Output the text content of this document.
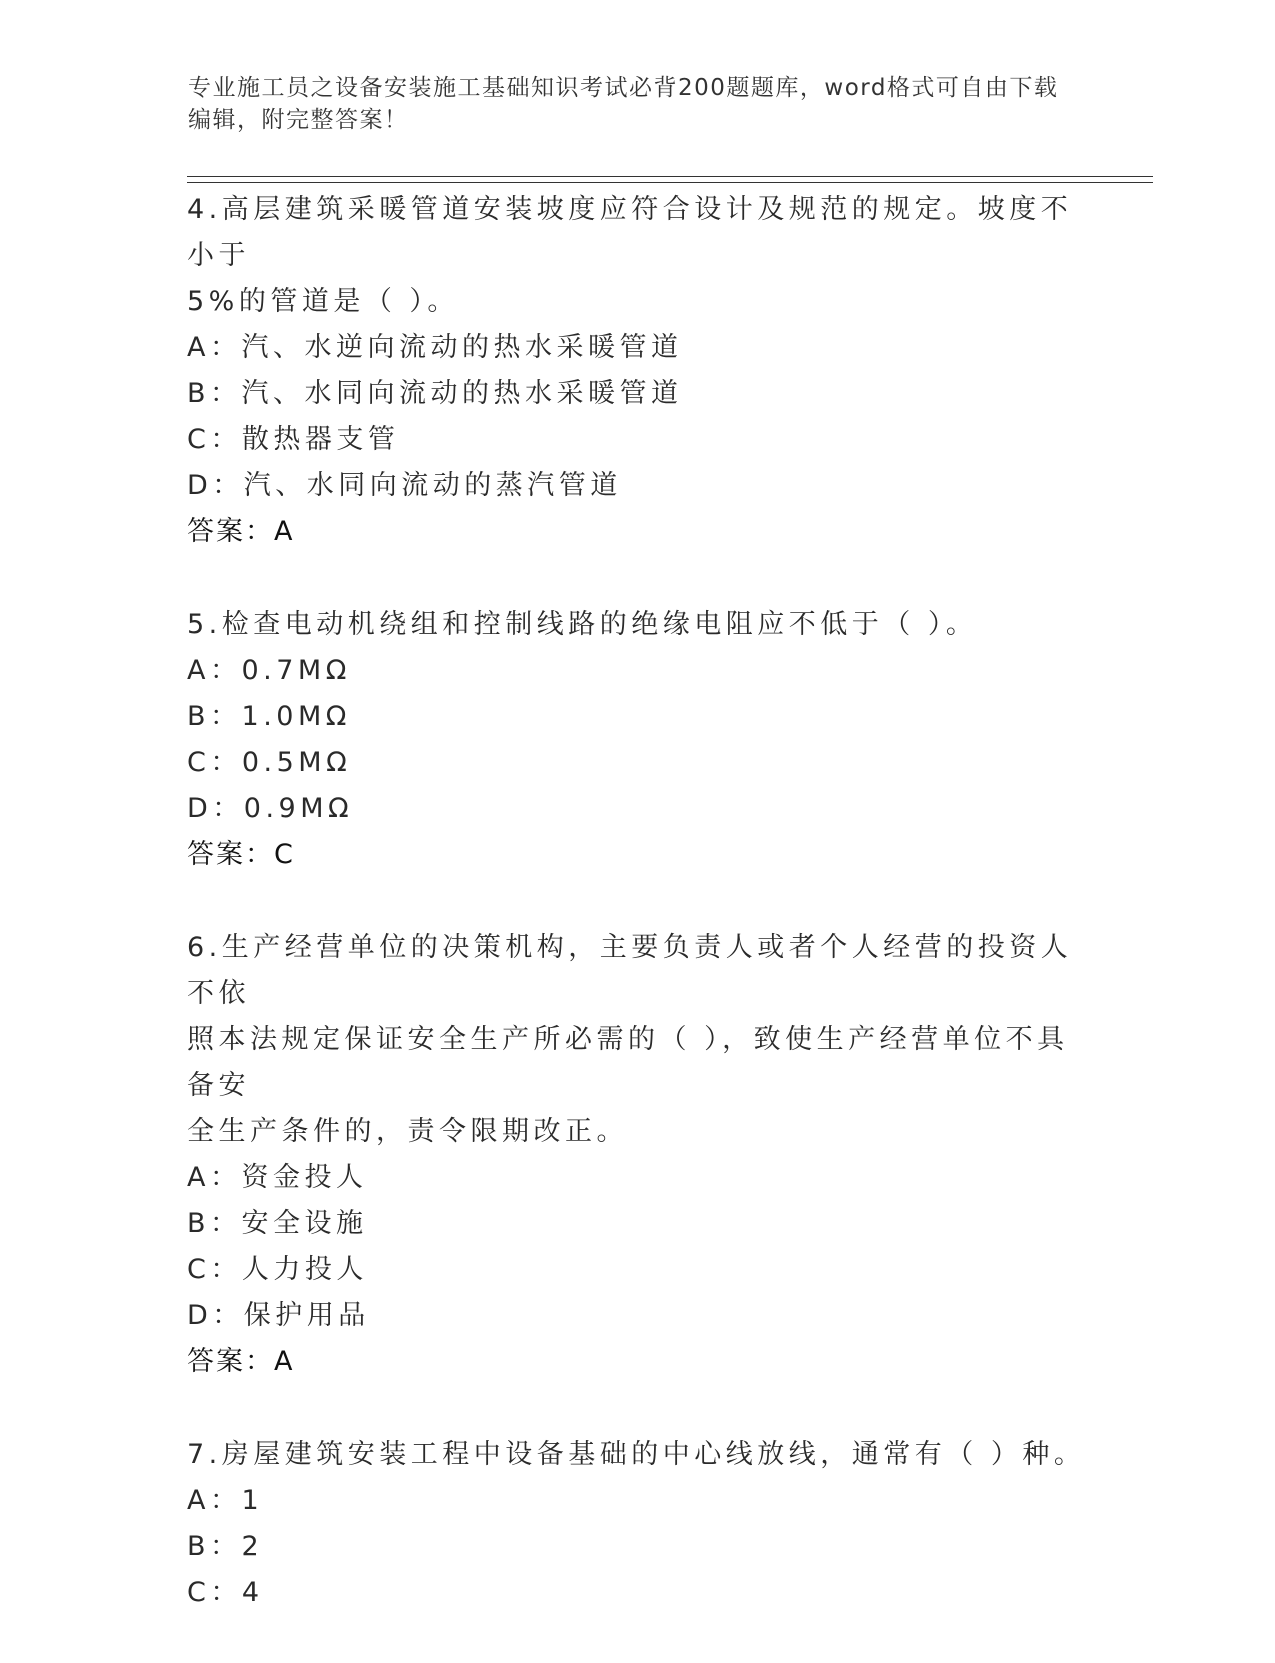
专业施工员之设备安装施工基础知识考试必背200题题库，word格式可自由下载
编辑，附完整答案！
4.高层建筑采暖管道安装坡度应符合设计及规范的规定。坡度不小于
5%的管道是（ ）。
A：汽、水逆向流动的热水采暖管道
B：汽、水同向流动的热水采暖管道
C：散热器支管
D：汽、水同向流动的蒸汽管道
答案：A
5.检查电动机绕组和控制线路的绝缘电阻应不低于（ ）。
A：0.7MΩ
B：1.0MΩ
C：0.5MΩ
D：0.9MΩ
答案：C
6.生产经营单位的决策机构，主要负责人或者个人经营的投资人不依
照本法规定保证安全生产所必需的（ ），致使生产经营单位不具备安
全生产条件的，责令限期改正。
A：资金投人
B：安全设施
C：人力投人
D：保护用品
答案：A
7.房屋建筑安装工程中设备基础的中心线放线，通常有（ ）种。
A：1
B：2
C：4
